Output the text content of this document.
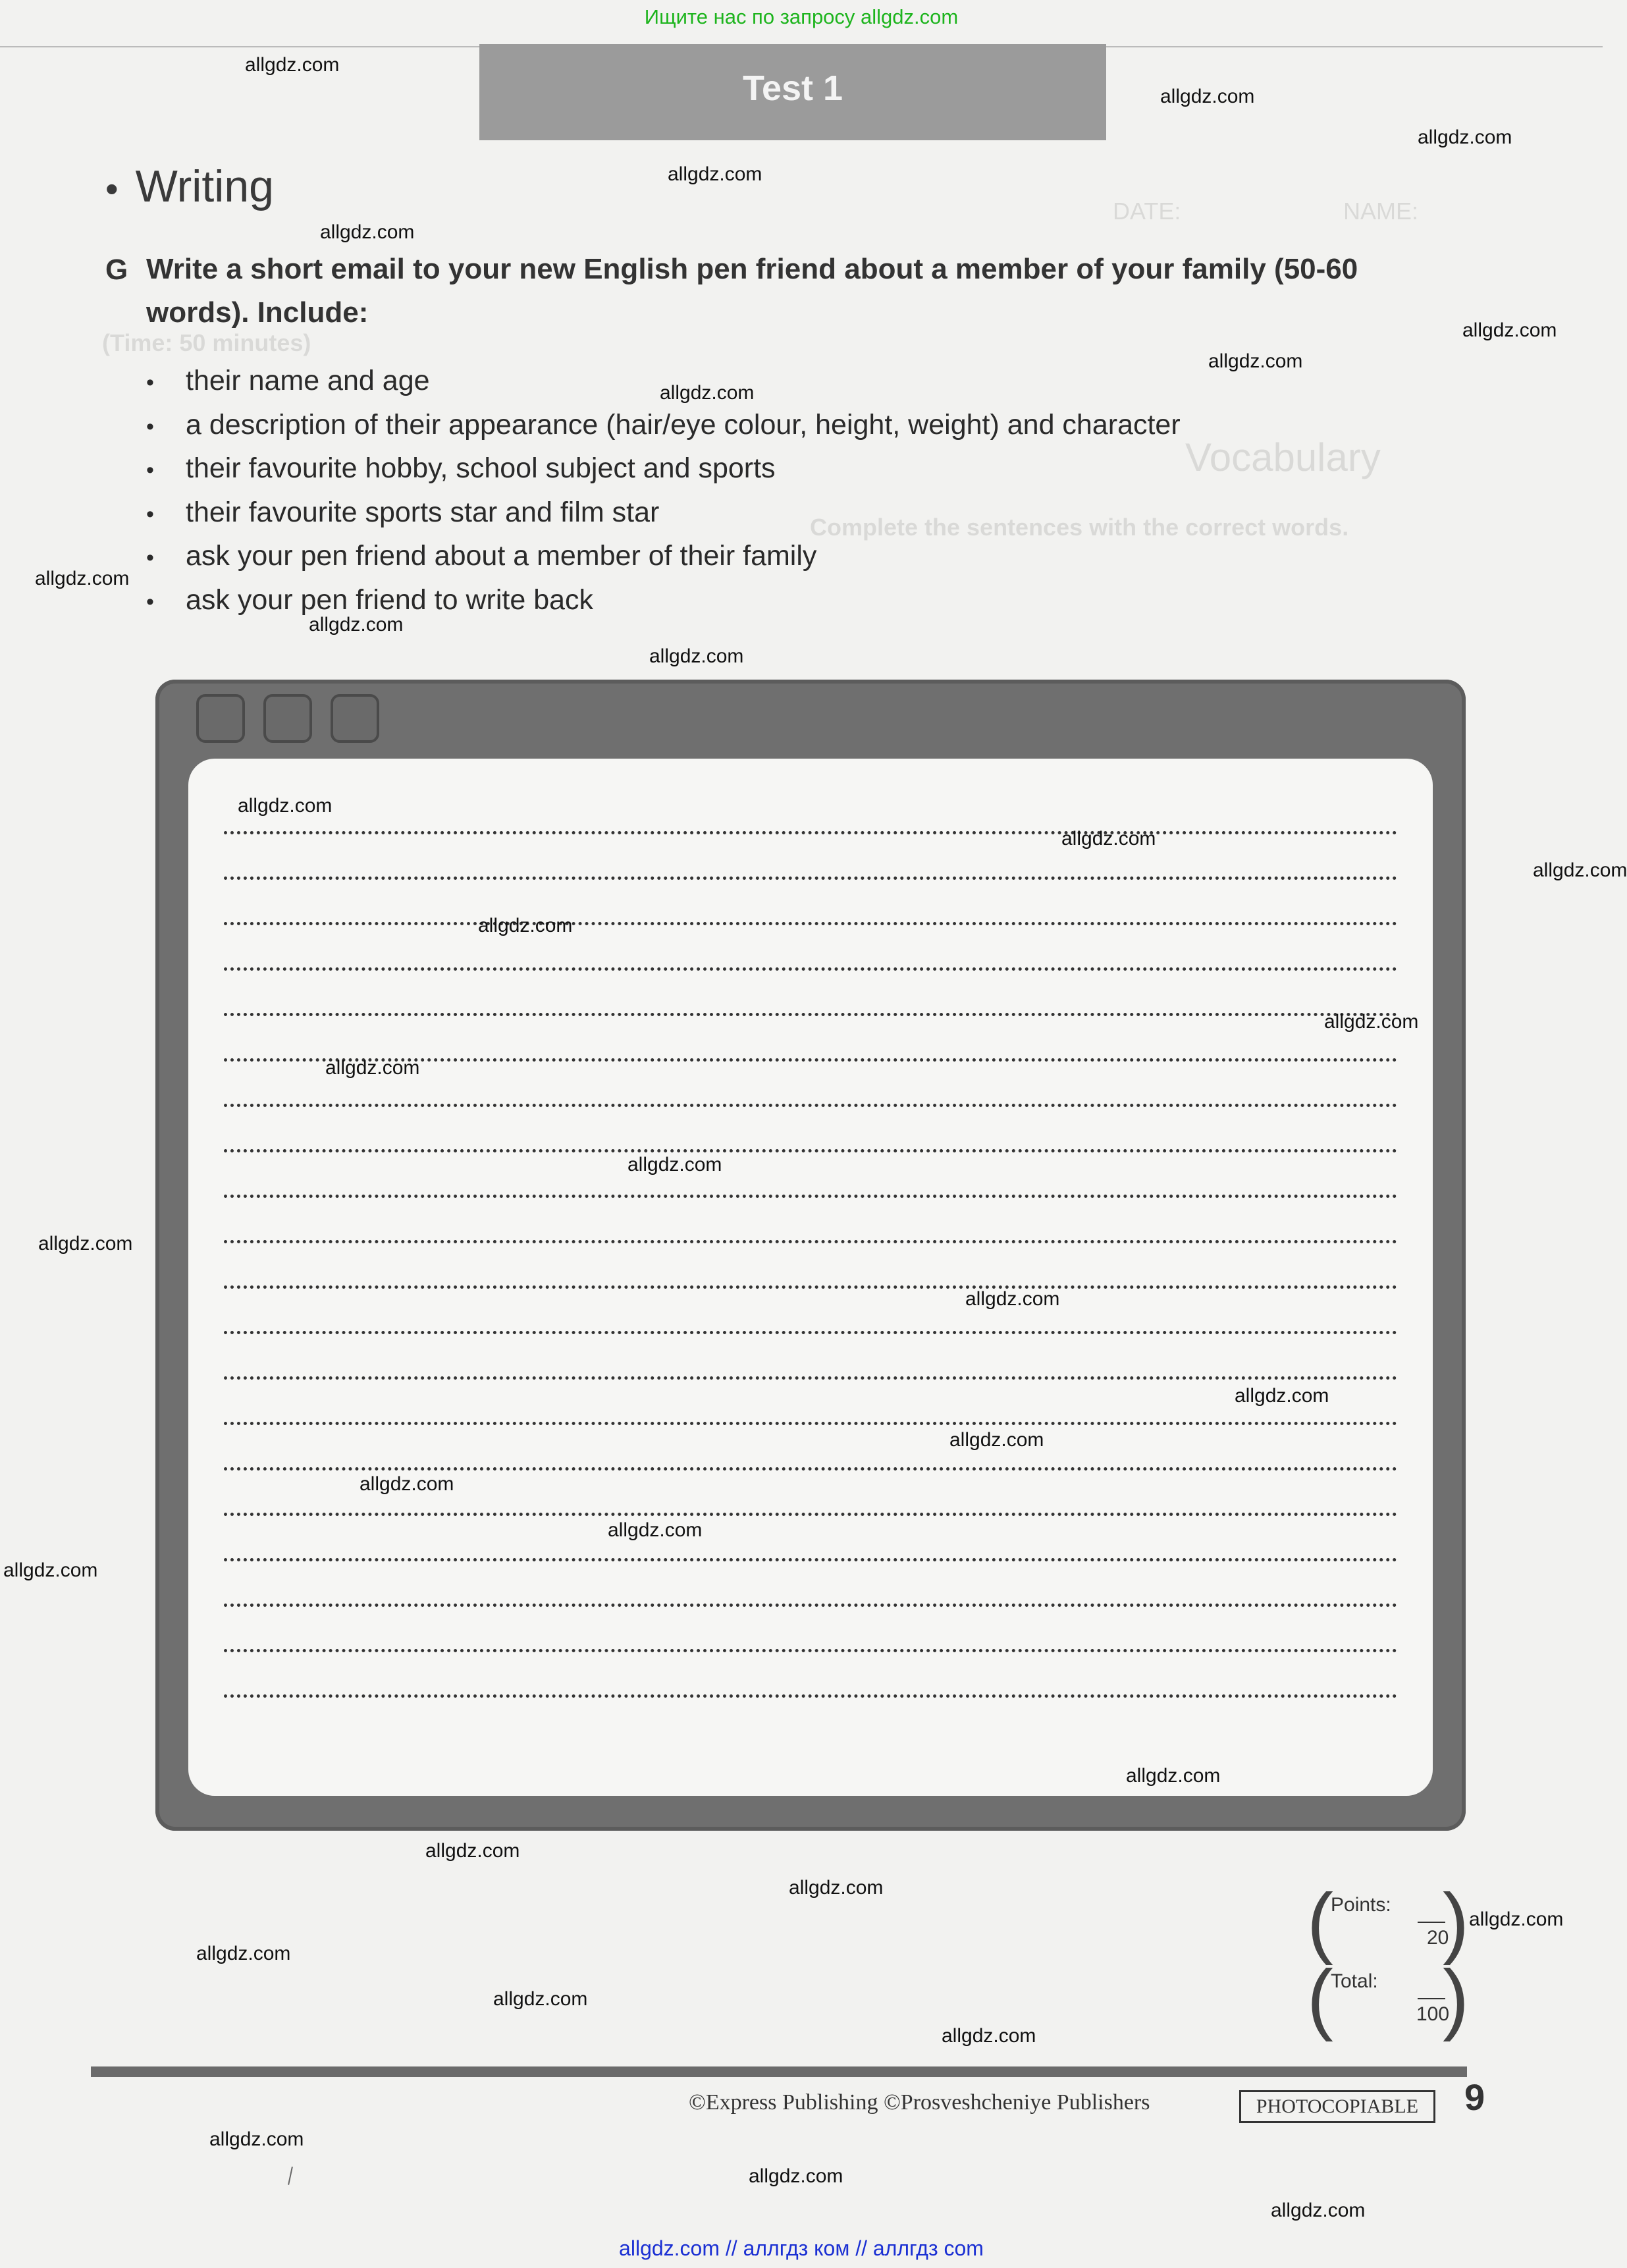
Ищите нас по запросу allgdz.com
NAME:
DATE:
(Time: 50 minutes)
Vocabulary
Complete the sentences with the correct words.
Test 1
• Writing
G Write a short email to your new English pen friend about a member of your family (50-60 words). Include:
• their name and age
• a description of their appearance (hair/eye colour, height, weight) and character
• their favourite hobby, school subject and sports
• their favourite sports star and film star
• ask your pen friend about a member of their family
• ask your pen friend to write back
(
Points:
20
)
(
Total:
100
)
©Express Publishing ©Prosveshcheniye Publishers	PHOTOCOPIABLE	9
allgdz.com
allgdz.com
allgdz.com
allgdz.com
allgdz.com
allgdz.com
allgdz.com
allgdz.com
allgdz.com
allgdz.com
allgdz.com
allgdz.com
allgdz.com
allgdz.com
allgdz.com
allgdz.com
allgdz.com
allgdz.com
allgdz.com
allgdz.com
allgdz.com
allgdz.com
allgdz.com
allgdz.com
allgdz.com
allgdz.com
allgdz.com
allgdz.com
allgdz.com
allgdz.com
allgdz.com
allgdz.com
allgdz.com
allgdz.com
allgdz.com
allgdz.com // аллгдз ком // аллгдз com
